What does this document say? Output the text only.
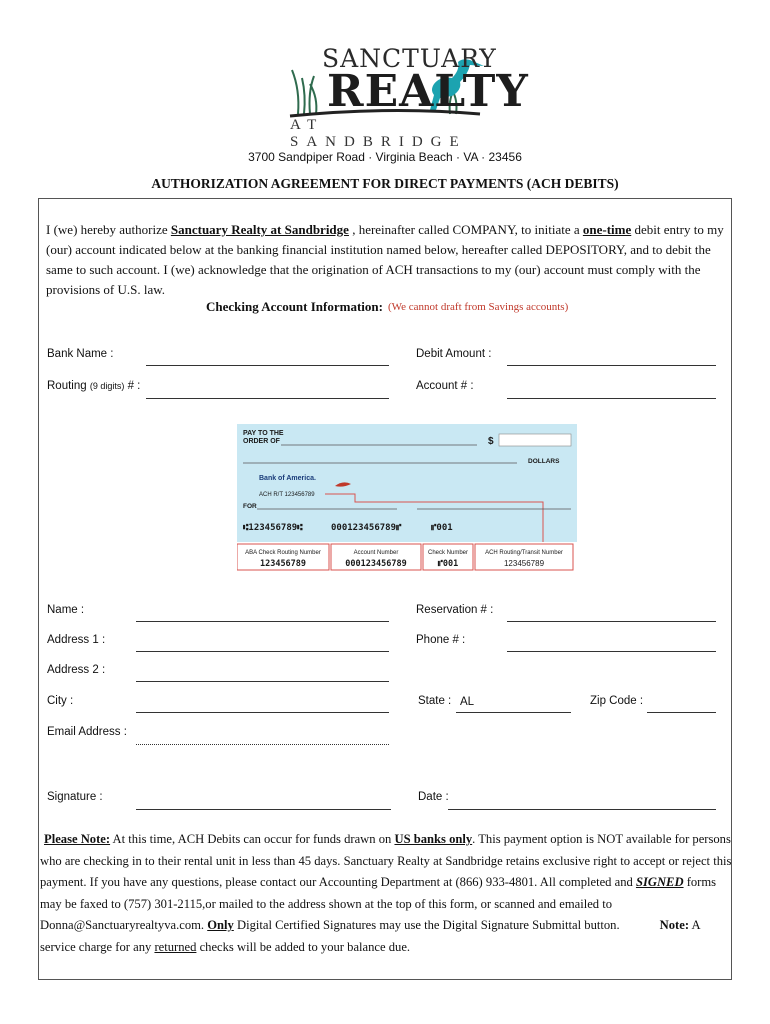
SANCTUARY
REALTY
AT SANDBRIDGE
3700 Sandpiper Road · Virginia Beach · VA · 23456
AUTHORIZATION AGREEMENT FOR DIRECT PAYMENTS (ACH DEBITS)
I (we) hereby authorize Sanctuary Realty at Sandbridge , hereinafter called COMPANY, to initiate a one-time debit entry to my (our) account indicated below at the banking financial institution named below, hereafter called DEPOSITORY, and to debit the same to such account. I (we) acknowledge that the origination of ACH transactions to my (our) account must comply with the provisions of U.S. law.
Checking Account Information: (We cannot draft from Savings accounts)
Bank Name :	Debit Amount :
Routing (9 digits) # :	Account # :
PAY TO THE
ORDER OF	$
DOLLARS
Bank of America.
ACH R/T 123456789
FOR
⑆123456789⑆	000123456789⑈	⑈001
ABA Check Routing Number	Account Number	Check Number	ACH Routing/Transit Number
123456789	000123456789	⑈001	123456789
Name :	Reservation # :
Address 1 :	Phone # :
Address 2 :
City :	State : AL	Zip Code :
Email Address :
Signature :	Date :
Please Note: At this time, ACH Debits can occur for funds drawn on US banks only. This payment option is NOT available for persons who are checking in to their rental unit in less than 45 days. Sanctuary Realty at Sandbridge retains exclusive right to accept or reject this payment. If you have any questions, please contact our Accounting Department at (866) 933-4801. All completed and SIGNED forms may be faxed to (757) 301-2115,or mailed to the address shown at the top of this form, or scanned and emailed to Donna@Sanctuaryrealtyva.com. Only Digital Certified Signatures may use the Digital Signature Submittal button.	Note: A service charge for any returned checks will be added to your balance due.
